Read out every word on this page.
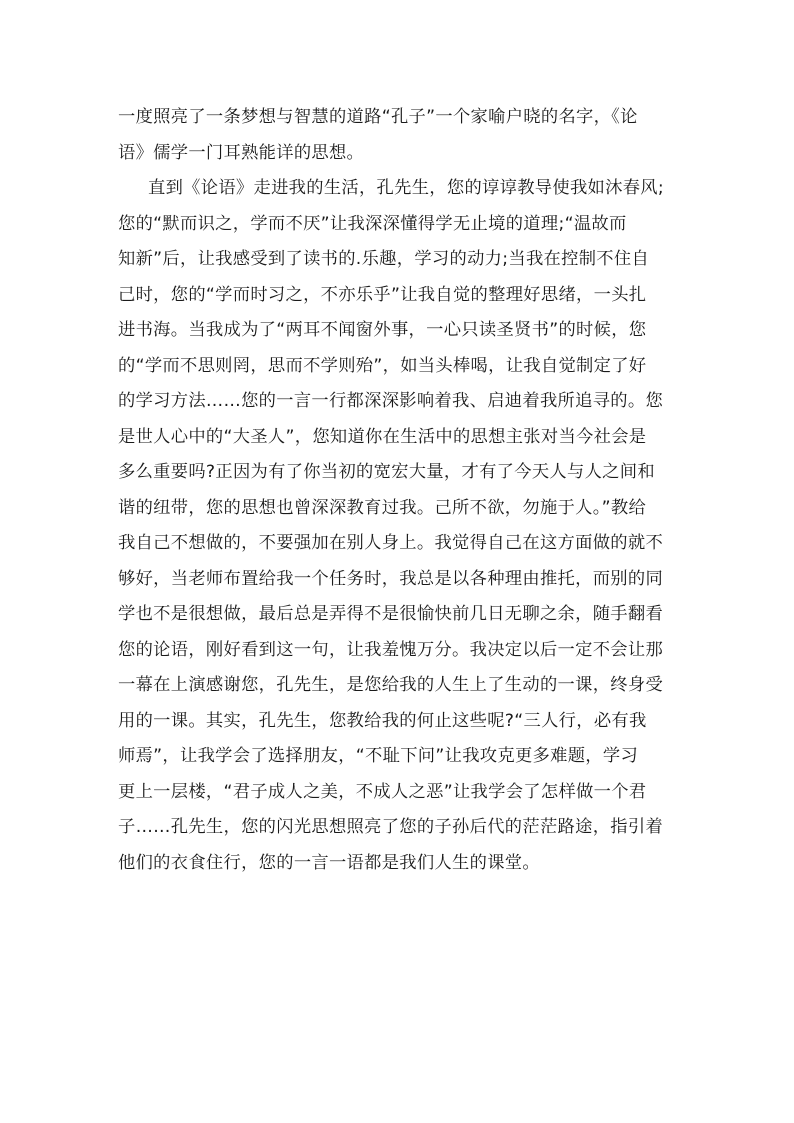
一度照亮了一条梦想与智慧的道路“孔子”一个家喻户晓的名字，《论
语》儒学一门耳熟能详的思想。
直到《论语》走进我的生活，孔先生，您的谆谆教导使我如沐春风;
您的“默而识之，学而不厌”让我深深懂得学无止境的道理;“温故而
知新”后，让我感受到了读书的.乐趣，学习的动力;当我在控制不住自
己时，您的“学而时习之，不亦乐乎”让我自觉的整理好思绪，一头扎
进书海。当我成为了“两耳不闻窗外事，一心只读圣贤书”的时候，您
的“学而不思则罔，思而不学则殆”，如当头棒喝，让我自觉制定了好
的学习方法……您的一言一行都深深影响着我、启迪着我所追寻的。您
是世人心中的“大圣人”，您知道你在生活中的思想主张对当今社会是
多么重要吗?正因为有了你当初的宽宏大量，才有了今天人与人之间和
谐的纽带，您的思想也曾深深教育过我。己所不欲，勿施于人。”教给
我自己不想做的，不要强加在别人身上。我觉得自己在这方面做的就不
够好，当老师布置给我一个任务时，我总是以各种理由推托，而别的同
学也不是很想做，最后总是弄得不是很愉快前几日无聊之余，随手翻看
您的论语，刚好看到这一句，让我羞愧万分。我决定以后一定不会让那
一幕在上演感谢您，孔先生，是您给我的人生上了生动的一课，终身受
用的一课。其实，孔先生，您教给我的何止这些呢?“三人行，必有我
师焉”，让我学会了选择朋友，“不耻下问”让我攻克更多难题，学习
更上一层楼，“君子成人之美，不成人之恶”让我学会了怎样做一个君
子……孔先生，您的闪光思想照亮了您的子孙后代的茫茫路途，指引着
他们的衣食住行，您的一言一语都是我们人生的课堂。
